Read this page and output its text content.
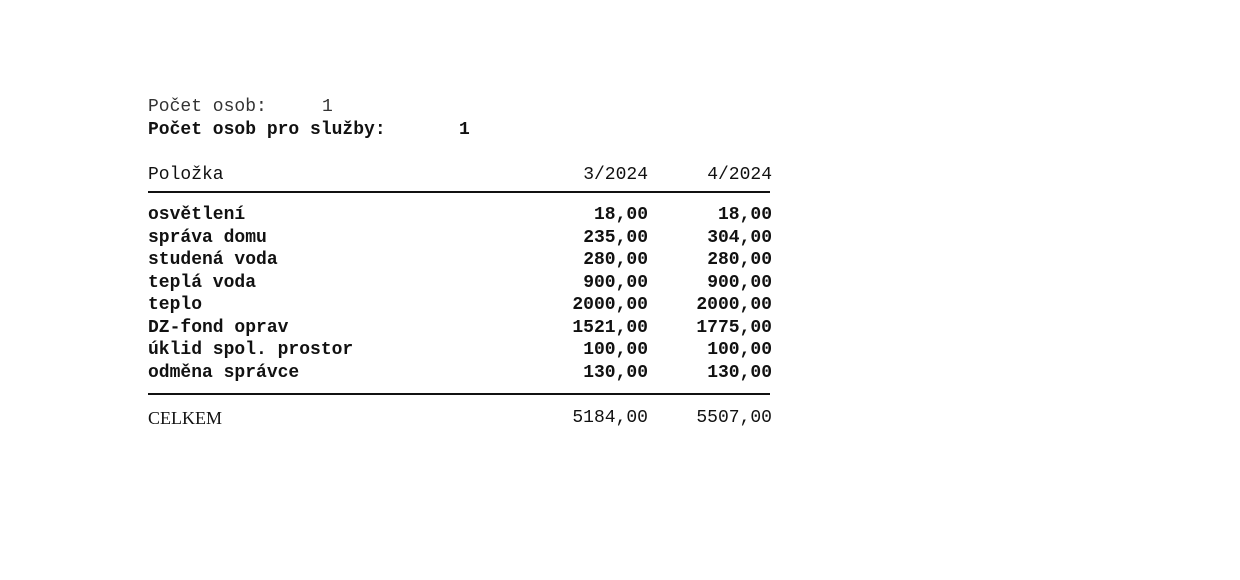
Počet osob:	1
Počet osob pro služby:	1
Položka	3/2024	4/2024
osvětlení	18,00	18,00
správa domu	235,00	304,00
studená voda	280,00	280,00
teplá voda	900,00	900,00
teplo	2000,00	2000,00
DZ-fond oprav	1521,00	1775,00
úklid spol. prostor	100,00	100,00
odměna správce	130,00	130,00
CELKEM	5184,00	5507,00
